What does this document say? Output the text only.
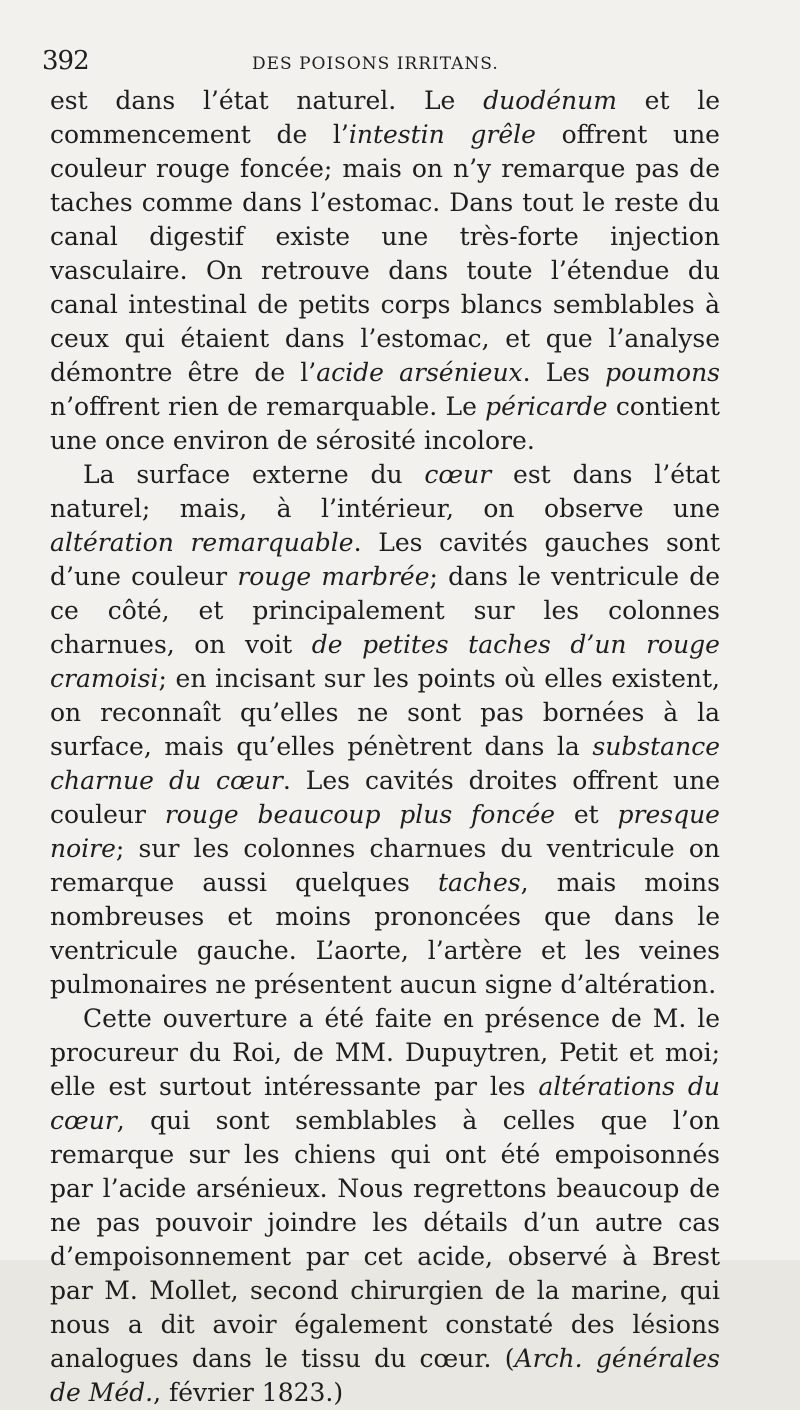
392	DES POISONS IRRITANS.

est dans l’état naturel. Le duodénum et le commencement de l’intestin grêle offrent une couleur rouge foncée; mais on n’y remarque pas de taches comme dans l’estomac. Dans tout le reste du canal digestif existe une très-forte injection vasculaire. On retrouve dans toute l’étendue du canal intestinal de petits corps blancs semblables à ceux qui étaient dans l’estomac, et que l’analyse démontre être de l’acide arsénieux. Les poumons n’offrent rien de remarquable. Le péricarde contient une once environ de sérosité incolore.

La surface externe du cœur est dans l’état naturel; mais, à l’intérieur, on observe une altération remarquable. Les cavités gauches sont d’une couleur rouge marbrée; dans le ventricule de ce côté, et principalement sur les colonnes charnues, on voit de petites taches d’un rouge cramoisi; en incisant sur les points où elles existent, on reconnaît qu’elles ne sont pas bornées à la surface, mais qu’elles pénètrent dans la substance charnue du cœur. Les cavités droites offrent une couleur rouge beaucoup plus foncée et presque noire; sur les colonnes charnues du ventricule on remarque aussi quelques taches, mais moins nombreuses et moins prononcées que dans le ventricule gauche. L’aorte, l’artère et les veines pulmonaires ne présentent aucun signe d’altération.

Cette ouverture a été faite en présence de M. le procureur du Roi, de MM. Dupuytren, Petit et moi; elle est surtout intéressante par les altérations du cœur, qui sont semblables à celles que l’on remarque sur les chiens qui ont été empoisonnés par l’acide arsénieux. Nous regrettons beaucoup de ne pas pouvoir joindre les détails d’un autre cas d’empoisonnement par cet acide, observé à Brest par M. Mollet, second chirurgien de la marine, qui nous a dit avoir également constaté des lésions analogues dans le tissu du cœur. (Arch. générales de Méd., février 1823.)
